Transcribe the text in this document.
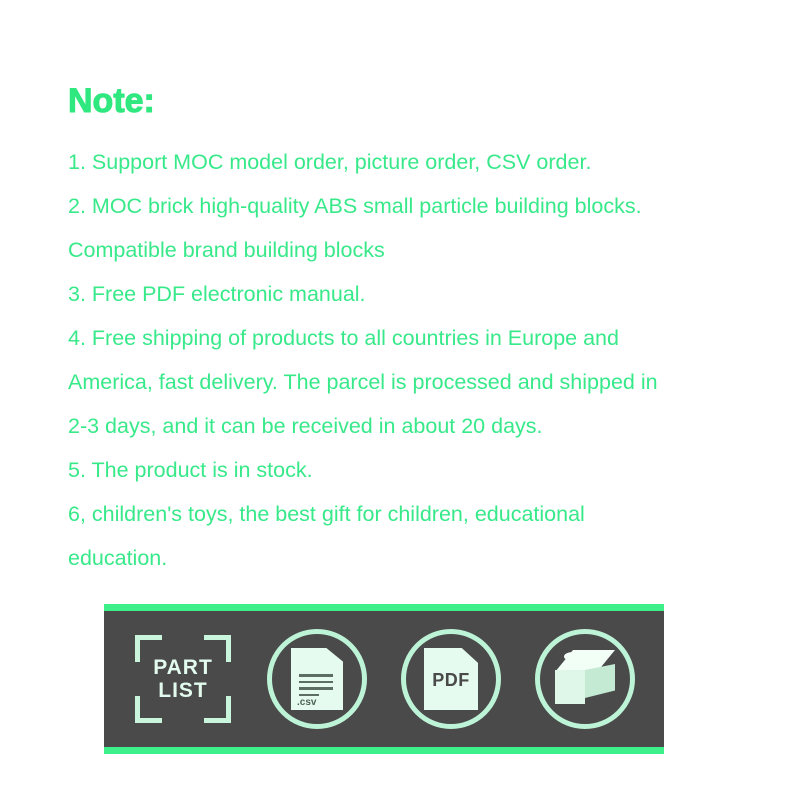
Note:
1. Support MOC model order, picture order, CSV order.
2. MOC brick high-quality ABS small particle building blocks.
Compatible brand building blocks
3. Free PDF electronic manual.
4. Free shipping of products to all countries in Europe and
America, fast delivery. The parcel is processed and shipped in
2-3 days, and it can be received in about 20 days.
5. The product is in stock.
6, children's toys, the best gift for children, educational
education.
PART
LIST
.csv
PDF
